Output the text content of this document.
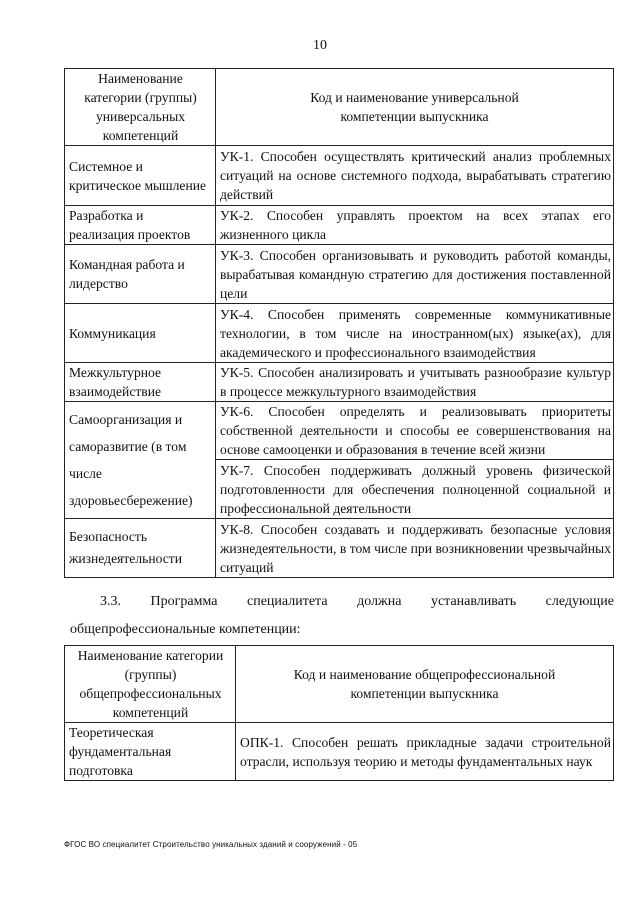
10
Наименование категории (группы) универсальных компетенций	Код и наименование универсальной компетенции выпускника
Системное и критическое мышление	УК-1. Способен осуществлять критический анализ проблемных ситуаций на основе системного подхода, вырабатывать стратегию действий
Разработка и реализация проектов	УК-2. Способен управлять проектом на всех этапах его жизненного цикла
Командная работа и лидерство	УК-3. Способен организовывать и руководить работой команды, вырабатывая командную стратегию для достижения поставленной цели
Коммуникация	УК-4. Способен применять современные коммуникативные технологии, в том числе на иностранном(ых) языке(ах), для академического и профессионального взаимодействия
Межкультурное взаимодействие	УК-5. Способен анализировать и учитывать разнообразие культур в процессе межкультурного взаимодействия
Самоорганизация и саморазвитие (в том числе здоровьесбережение)	УК-6. Способен определять и реализовывать приоритеты собственной деятельности и способы ее совершенствования на основе самооценки и образования в течение всей жизни
	УК-7. Способен поддерживать должный уровень физической подготовленности для обеспечения полноценной социальной и профессиональной деятельности
Безопасность жизнедеятельности	УК-8. Способен создавать и поддерживать безопасные условия жизнедеятельности, в том числе при возникновении чрезвычайных ситуаций
3.3. Программа специалитета должна устанавливать следующие
общепрофессиональные компетенции:
Наименование категории (группы) общепрофессиональных компетенций	Код и наименование общепрофессиональной компетенции выпускника
Теоретическая фундаментальная подготовка	ОПК-1. Способен решать прикладные задачи строительной отрасли, используя теорию и методы фундаментальных наук
ФГОС ВО специалитет Строительство уникальных зданий и сооружений - 05
